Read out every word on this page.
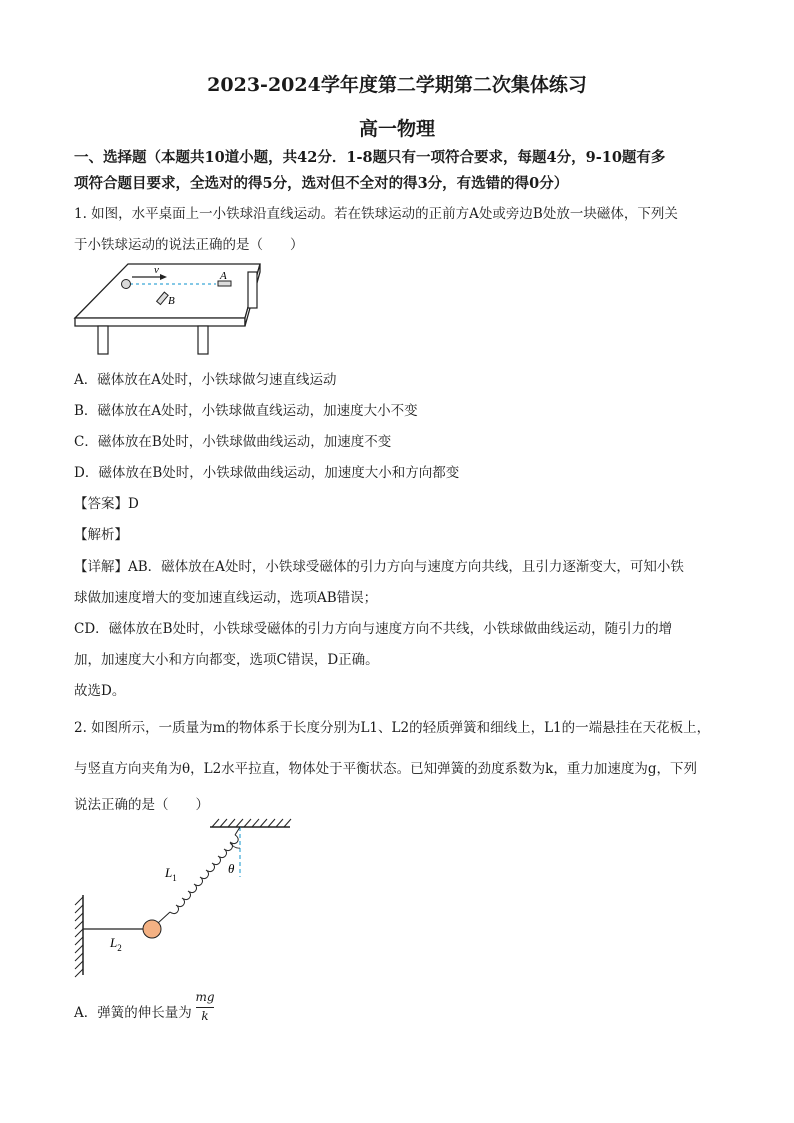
2023-2024学年度第二学期第二次集体练习
高一物理
一、选择题（本题共10道小题，共42分．1-8题只有一项符合要求，每题4分，9-10题有多
项符合题目要求，全选对的得5分，选对但不全对的得3分，有选错的得0分）
1. 如图，水平桌面上一小铁球沿直线运动。若在铁球运动的正前方A处或旁边B处放一块磁体，下列关
于小铁球运动的说法正确的是（　　）
v	A
B
A．磁体放在A处时，小铁球做匀速直线运动
B．磁体放在A处时，小铁球做直线运动，加速度大小不变
C．磁体放在B处时，小铁球做曲线运动，加速度不变
D．磁体放在B处时，小铁球做曲线运动，加速度大小和方向都变
【答案】D
【解析】
【详解】AB．磁体放在A处时，小铁球受磁体的引力方向与速度方向共线，且引力逐渐变大，可知小铁
球做加速度增大的变加速直线运动，选项AB错误；
CD．磁体放在B处时，小铁球受磁体的引力方向与速度方向不共线，小铁球做曲线运动，随引力的增
加，加速度大小和方向都变，选项C错误，D正确。
故选D。
2. 如图所示，一质量为m的物体系于长度分别为L1、L2的轻质弹簧和细线上，L1的一端悬挂在天花板上，
与竖直方向夹角为θ，L2水平拉直，物体处于平衡状态。已知弹簧的劲度系数为k，重力加速度为g，下列
说法正确的是（　　）
$L_1$
θ
$L_2$
A．弹簧的伸长量为
mg
k
